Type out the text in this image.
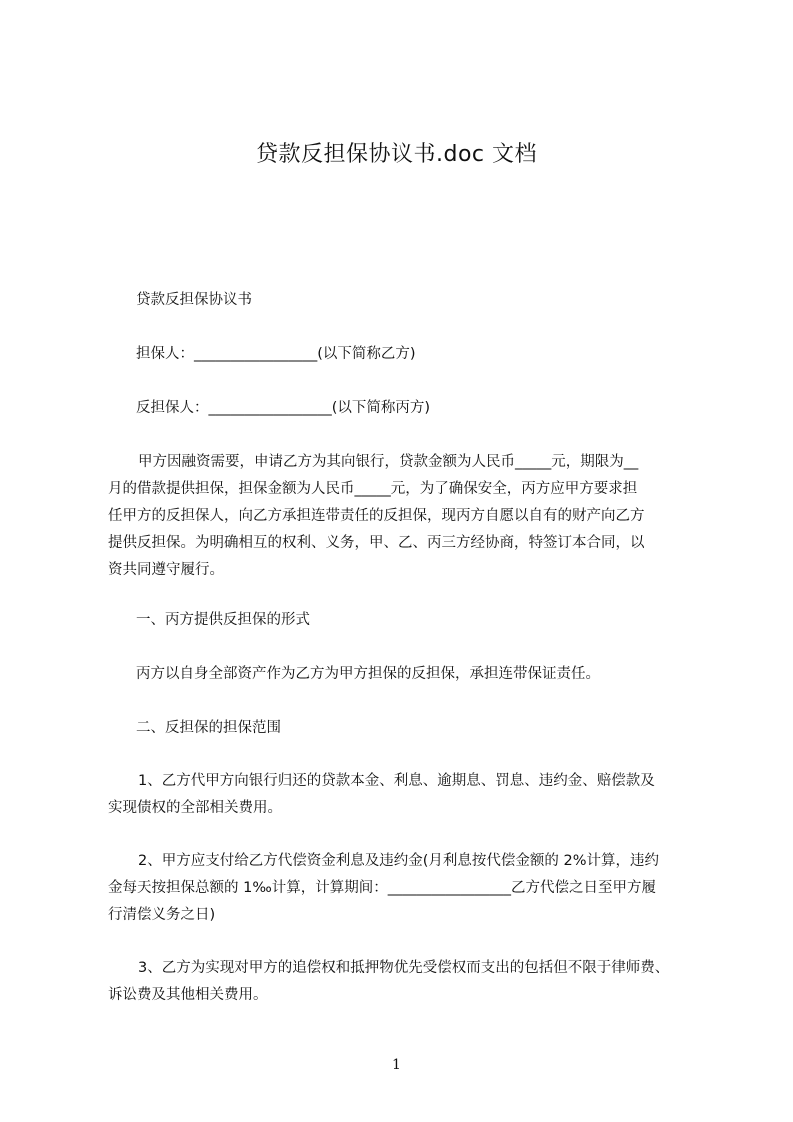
贷款反担保协议书.doc 文档

贷款反担保协议书

担保人：_________________(以下简称乙方)

反担保人：_________________(以下简称丙方)

甲方因融资需要，申请乙方为其向银行，贷款金额为人民币_____元，期限为__
月的借款提供担保，担保金额为人民币_____元，为了确保安全，丙方应甲方要求担
任甲方的反担保人，向乙方承担连带责任的反担保，现丙方自愿以自有的财产向乙方
提供反担保。为明确相互的权利、义务，甲、乙、丙三方经协商，特签订本合同，以
资共同遵守履行。

一、丙方提供反担保的形式

丙方以自身全部资产作为乙方为甲方担保的反担保，承担连带保证责任。

二、反担保的担保范围

1、乙方代甲方向银行归还的贷款本金、利息、逾期息、罚息、违约金、赔偿款及
实现债权的全部相关费用。

2、甲方应支付给乙方代偿资金利息及违约金(月利息按代偿金额的 2%计算，违约
金每天按担保总额的 1‰计算，计算期间：_________________乙方代偿之日至甲方履
行清偿义务之日)

3、乙方为实现对甲方的追偿权和抵押物优先受偿权而支出的包括但不限于律师费、
诉讼费及其他相关费用。

1
